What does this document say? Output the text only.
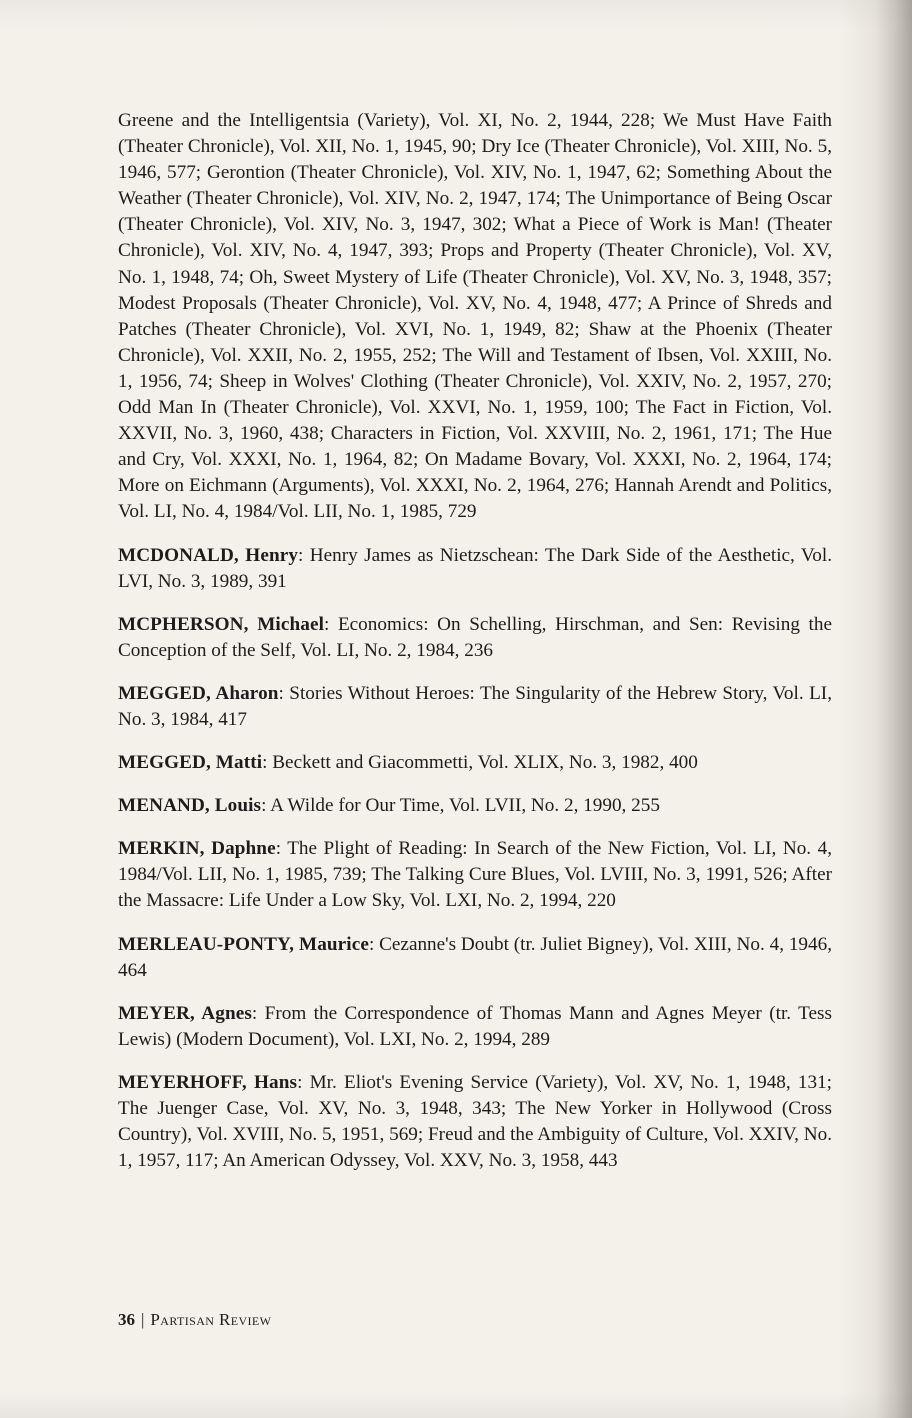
Greene and the Intelligentsia (Variety), Vol. XI, No. 2, 1944, 228; We Must Have Faith (Theater Chronicle), Vol. XII, No. 1, 1945, 90; Dry Ice (Theater Chronicle), Vol. XIII, No. 5, 1946, 577; Gerontion (Theater Chronicle), Vol. XIV, No. 1, 1947, 62; Something About the Weather (Theater Chronicle), Vol. XIV, No. 2, 1947, 174; The Unimportance of Being Oscar (Theater Chronicle), Vol. XIV, No. 3, 1947, 302; What a Piece of Work is Man! (Theater Chronicle), Vol. XIV, No. 4, 1947, 393; Props and Property (Theater Chronicle), Vol. XV, No. 1, 1948, 74; Oh, Sweet Mystery of Life (Theater Chronicle), Vol. XV, No. 3, 1948, 357; Modest Proposals (Theater Chronicle), Vol. XV, No. 4, 1948, 477; A Prince of Shreds and Patches (Theater Chronicle), Vol. XVI, No. 1, 1949, 82; Shaw at the Phoenix (Theater Chronicle), Vol. XXII, No. 2, 1955, 252; The Will and Testament of Ibsen, Vol. XXIII, No. 1, 1956, 74; Sheep in Wolves' Clothing (Theater Chronicle), Vol. XXIV, No. 2, 1957, 270; Odd Man In (Theater Chronicle), Vol. XXVI, No. 1, 1959, 100; The Fact in Fiction, Vol. XXVII, No. 3, 1960, 438; Characters in Fiction, Vol. XXVIII, No. 2, 1961, 171; The Hue and Cry, Vol. XXXI, No. 1, 1964, 82; On Madame Bovary, Vol. XXXI, No. 2, 1964, 174; More on Eichmann (Arguments), Vol. XXXI, No. 2, 1964, 276; Hannah Arendt and Politics, Vol. LI, No. 4, 1984/Vol. LII, No. 1, 1985, 729

MCDONALD, Henry: Henry James as Nietzschean: The Dark Side of the Aesthetic, Vol. LVI, No. 3, 1989, 391

MCPHERSON, Michael: Economics: On Schelling, Hirschman, and Sen: Revising the Conception of the Self, Vol. LI, No. 2, 1984, 236

MEGGED, Aharon: Stories Without Heroes: The Singularity of the Hebrew Story, Vol. LI, No. 3, 1984, 417

MEGGED, Matti: Beckett and Giacommetti, Vol. XLIX, No. 3, 1982, 400

MENAND, Louis: A Wilde for Our Time, Vol. LVII, No. 2, 1990, 255

MERKIN, Daphne: The Plight of Reading: In Search of the New Fiction, Vol. LI, No. 4, 1984/Vol. LII, No. 1, 1985, 739; The Talking Cure Blues, Vol. LVIII, No. 3, 1991, 526; After the Massacre: Life Under a Low Sky, Vol. LXI, No. 2, 1994, 220

MERLEAU-PONTY, Maurice: Cezanne's Doubt (tr. Juliet Bigney), Vol. XIII, No. 4, 1946, 464

MEYER, Agnes: From the Correspondence of Thomas Mann and Agnes Meyer (tr. Tess Lewis) (Modern Document), Vol. LXI, No. 2, 1994, 289

MEYERHOFF, Hans: Mr. Eliot's Evening Service (Variety), Vol. XV, No. 1, 1948, 131; The Juenger Case, Vol. XV, No. 3, 1948, 343; The New Yorker in Hollywood (Cross Country), Vol. XVIII, No. 5, 1951, 569; Freud and the Ambiguity of Culture, Vol. XXIV, No. 1, 1957, 117; An American Odyssey, Vol. XXV, No. 3, 1958, 443

36 | Partisan Review
